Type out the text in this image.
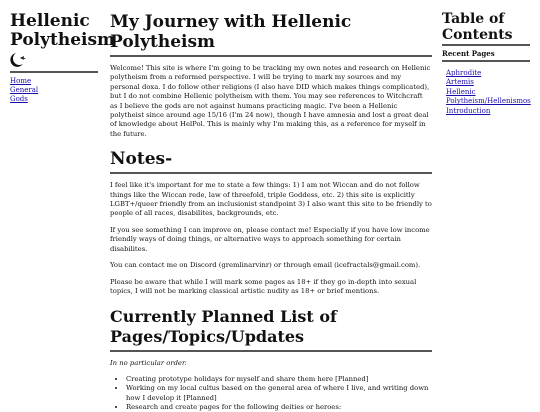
Hellenic Polytheism
Home
General
Gods
My Journey with Hellenic Polytheism

Welcome! This site is where I'm going to be tracking my own notes and research on Hellenic polytheism from a reformed perspective. I will be trying to mark my sources and my personal doxa. I do follow other religions (I also have DID which makes things complicated), but I do not combine Hellenic polytheism with them. You may see references to Witchcraft as I believe the gods are not against humans practicing magic. I've been a Hellenic polytheist since around age 15/16 (I'm 24 now), though I have amnesia and lost a great deal of knowledge about HelPol. This is mainly why I'm making this, as a reference for myself in the future.

Notes-

I feel like it's important for me to state a few things: 1) I am not Wiccan and do not follow things like the Wiccan rede, law of threefold, triple Goddess, etc. 2) this site is explicitly LGBT+/queer friendly from an inclusionist standpoint 3) I also want this site to be friendly to people of all races, disabilites, backgrounds, etc.

If you see something I can improve on, please contact me! Especially if you have low income friendly ways of doing things, or alternative ways to approach something for certain disabilites.

You can contact me on Discord (gremlinarvinr) or through email (icefractals@gmail.com).

Please be aware that while I will mark some pages as 18+ if they go in-depth into sexual topics, I will not be marking classical artistic nudity as 18+ or brief mentions.

Currently Planned List of Pages/Topics/Updates

In no particular order.

• Creating prototype holidays for myself and share them here [Planned]
• Working on my local cultus based on the general area of where I live, and writing down how I develop it [Planned]
• Research and create pages for the following deities or heroes:
Table of Contents
Recent Pages
Aphrodite
Artemis
Hellenic Polytheism/Hellenismos
Introduction
